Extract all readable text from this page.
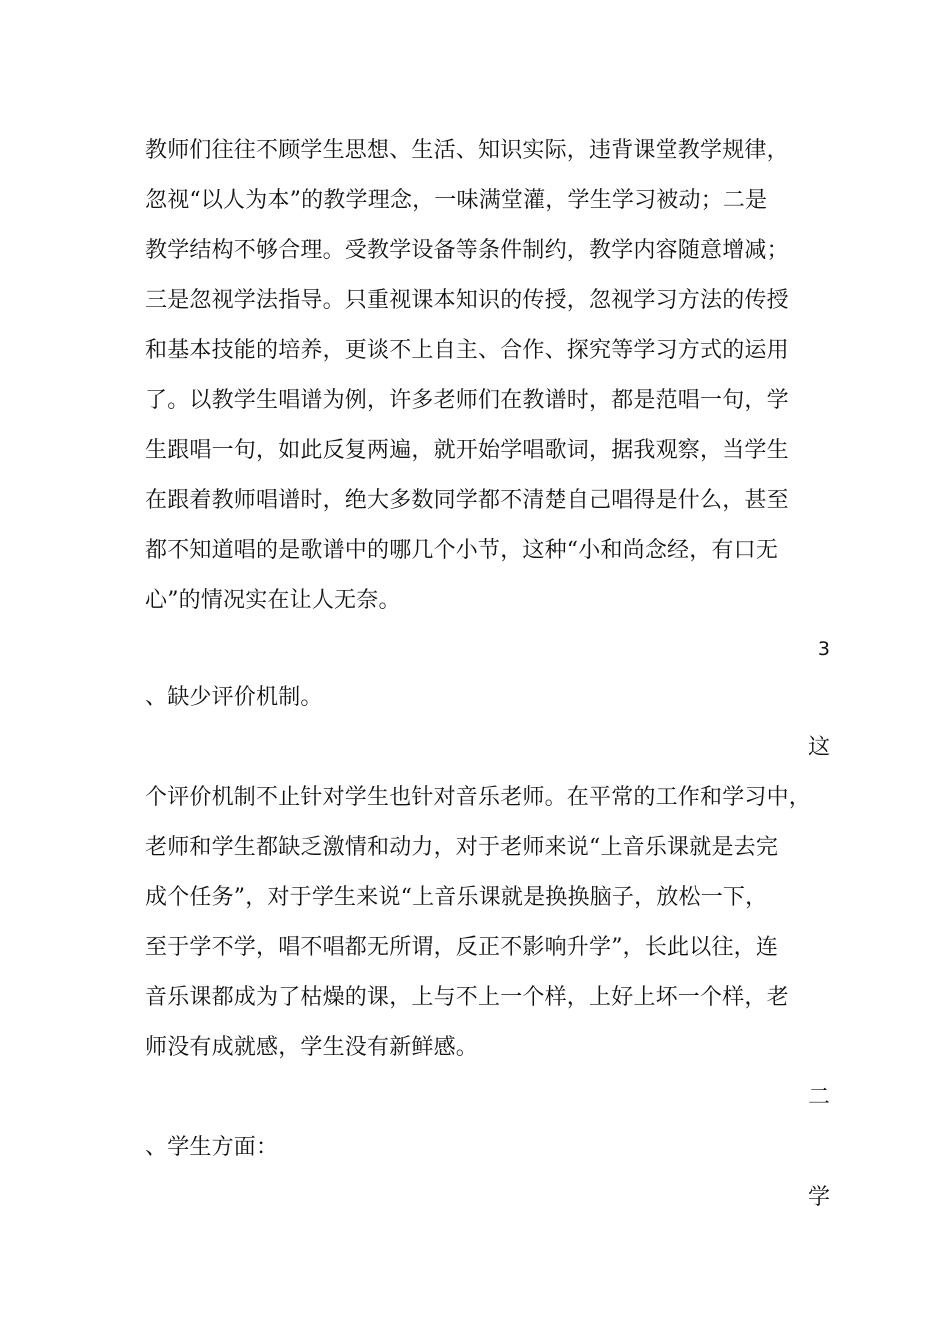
教师们往往不顾学生思想、生活、知识实际，违背课堂教学规律，
忽视“以人为本”的教学理念，一味满堂灌，学生学习被动；二是
教学结构不够合理。受教学设备等条件制约，教学内容随意增减；
三是忽视学法指导。只重视课本知识的传授，忽视学习方法的传授
和基本技能的培养，更谈不上自主、合作、探究等学习方式的运用
了。以教学生唱谱为例，许多老师们在教谱时，都是范唱一句，学
生跟唱一句，如此反复两遍，就开始学唱歌词，据我观察，当学生
在跟着教师唱谱时，绝大多数同学都不清楚自己唱得是什么，甚至
都不知道唱的是歌谱中的哪几个小节，这种“小和尚念经，有口无
心”的情况实在让人无奈。
3
、缺少评价机制。
这
个评价机制不止针对学生也针对音乐老师。在平常的工作和学习中，
老师和学生都缺乏激情和动力，对于老师来说“上音乐课就是去完
成个任务”，对于学生来说“上音乐课就是换换脑子，放松一下，
至于学不学，唱不唱都无所谓，反正不影响升学”，长此以往，连
音乐课都成为了枯燥的课，上与不上一个样，上好上坏一个样，老
师没有成就感，学生没有新鲜感。
二
、学生方面：
学
